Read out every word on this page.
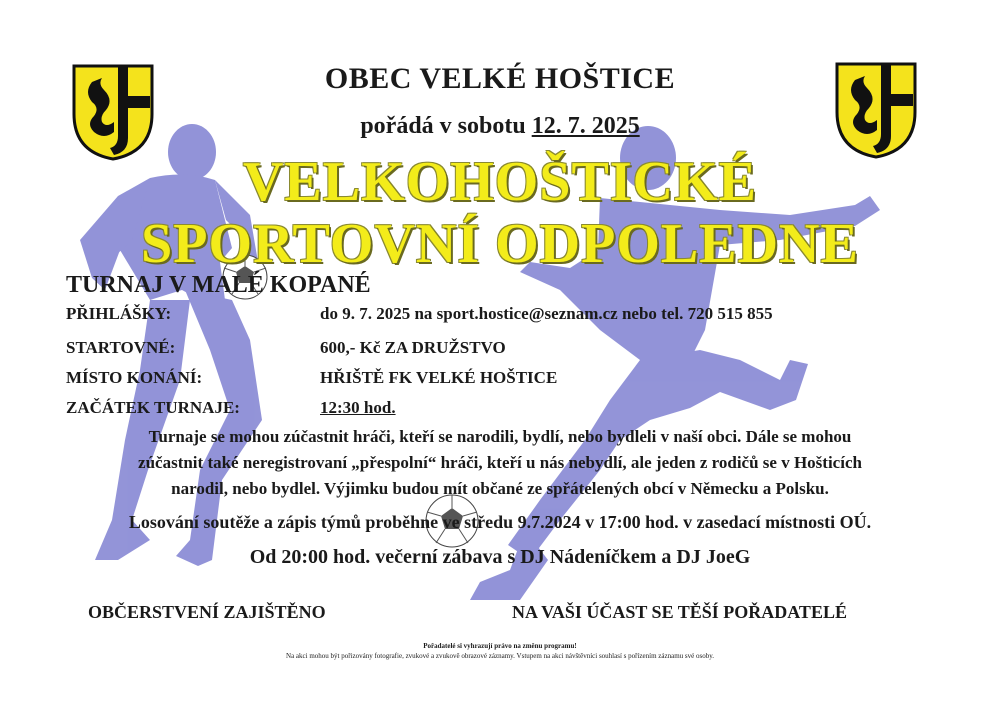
OBEC VELKÉ HOŠTICE
pořádá v sobotu 12. 7. 2025
VELKOHOŠTICKÉ
SPORTOVNÍ ODPOLEDNE
TURNAJ V MALÉ KOPANÉ
PŘIHLÁŠKY:	do 9. 7. 2025 na sport.hostice@seznam.cz nebo tel. 720 515 855
STARTOVNÉ:	600,- Kč ZA DRUŽSTVO
MÍSTO KONÁNÍ:	HŘIŠTĚ FK VELKÉ HOŠTICE
ZAČÁTEK TURNAJE:	12:30 hod.
Turnaje se mohou zúčastnit hráči, kteří se narodili, bydlí, nebo bydleli v naší obci. Dále se mohou
zúčastnit také neregistrovaní „přespolní“ hráči, kteří u nás nebydlí, ale jeden z rodičů se v Hošticích
narodil, nebo bydlel. Výjimku budou mít občané ze spřátelených obcí v Německu a Polsku.
Losování soutěže a zápis týmů proběhne ve středu 9.7.2024 v 17:00 hod. v zasedací místnosti OÚ.
Od 20:00 hod. večerní zábava s DJ Nádeníčkem a DJ JoeG
OBČERSTVENÍ ZAJIŠTĚNO	NA VAŠI ÚČAST SE TĚŠÍ POŘADATELÉ
Pořadatelé si vyhrazují právo na změnu programu!
Na akci mohou být pořizovány fotografie, zvukové a zvukově obrazové záznamy. Vstupem na akci návštěvníci souhlasí s pořízením záznamu své osoby.
